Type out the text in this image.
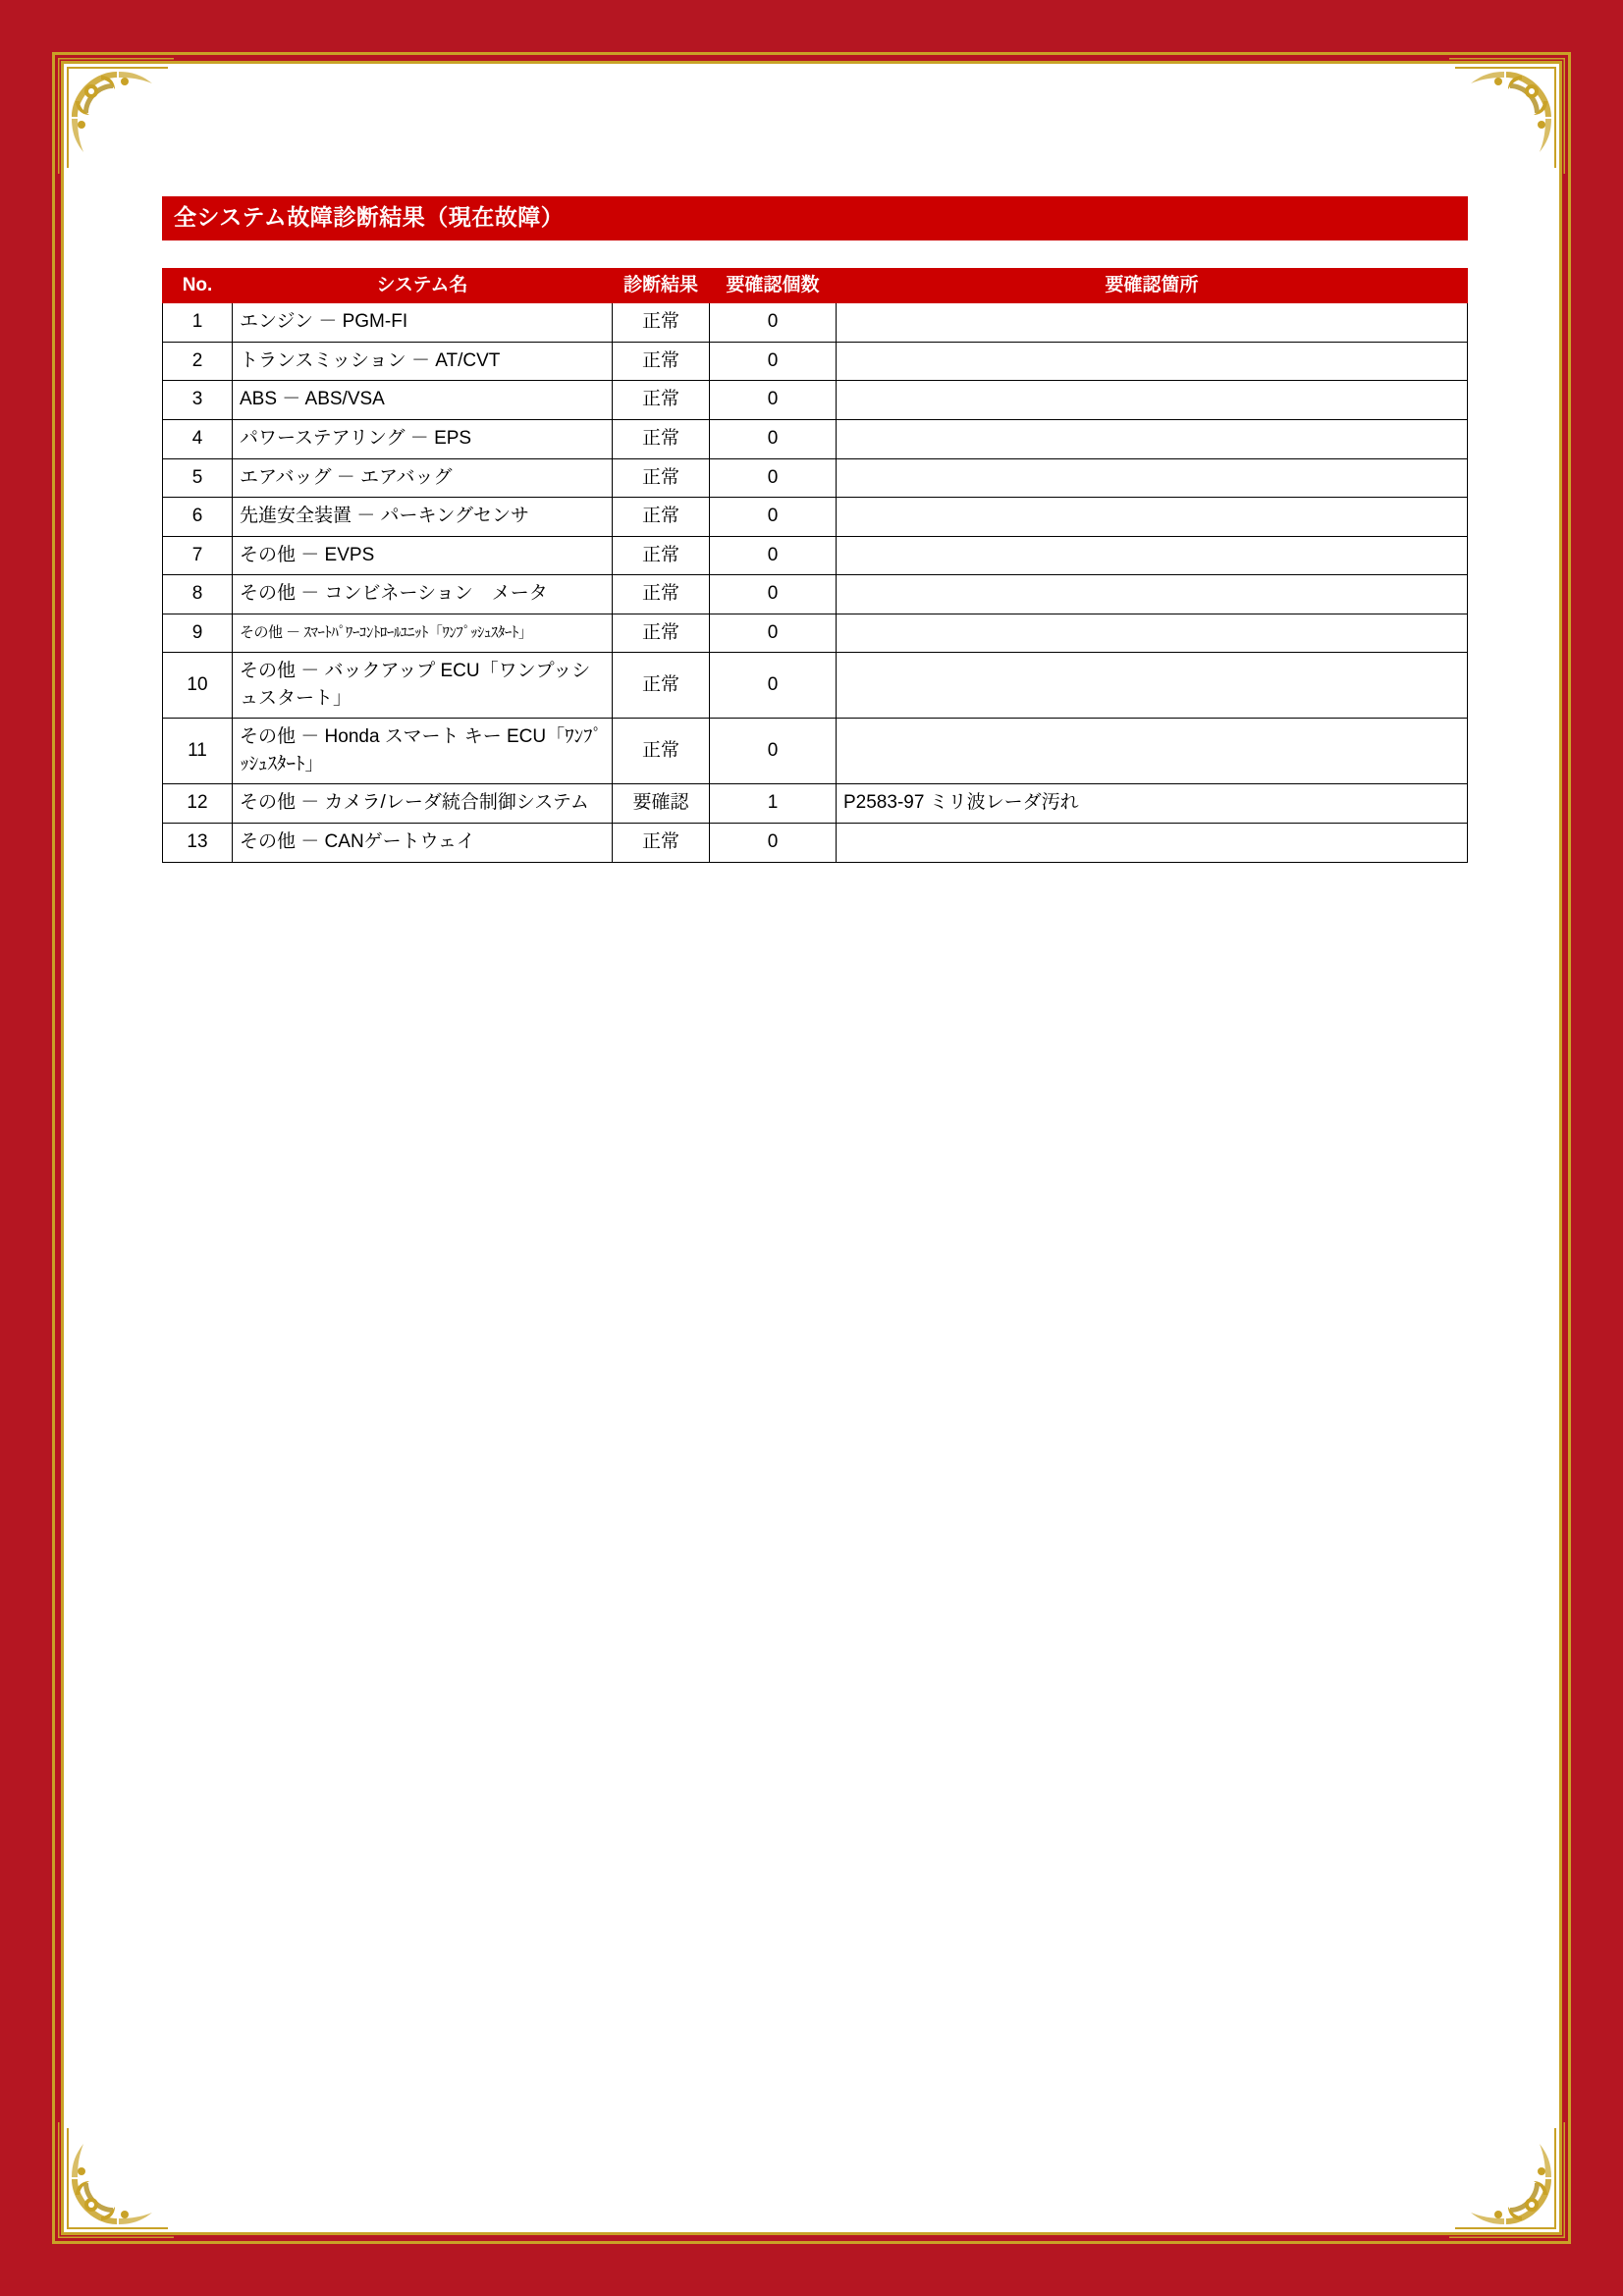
全システム故障診断結果（現在故障）
No.	システム名	診断結果	要確認個数	要確認箇所
1	エンジン － PGM-FI	正常	0	
2	トランスミッション － AT/CVT	正常	0	
3	ABS － ABS/VSA	正常	0	
4	パワーステアリング － EPS	正常	0	
5	エアバッグ － エアバッグ	正常	0	
6	先進安全装置 － パーキングセンサ	正常	0	
7	その他 － EVPS	正常	0	
8	その他 － コンビネーション　メータ	正常	0	
9	その他 － ｽﾏｰﾄﾊﾟﾜｰｺﾝﾄﾛｰﾙﾕﾆｯﾄ「ﾜﾝﾌﾟｯｼｭｽﾀｰﾄ」	正常	0	
10	その他 － バックアップ ECU「ワンプッシュスタート」	正常	0	
11	その他 － Honda スマート キー ECU「ﾜﾝﾌﾟｯｼｭｽﾀｰﾄ」	正常	0	
12	その他 － カメラ/レーダ統合制御システム	要確認	1	P2583-97 ミリ波レーダ汚れ
13	その他 － CANゲートウェイ	正常	0	
